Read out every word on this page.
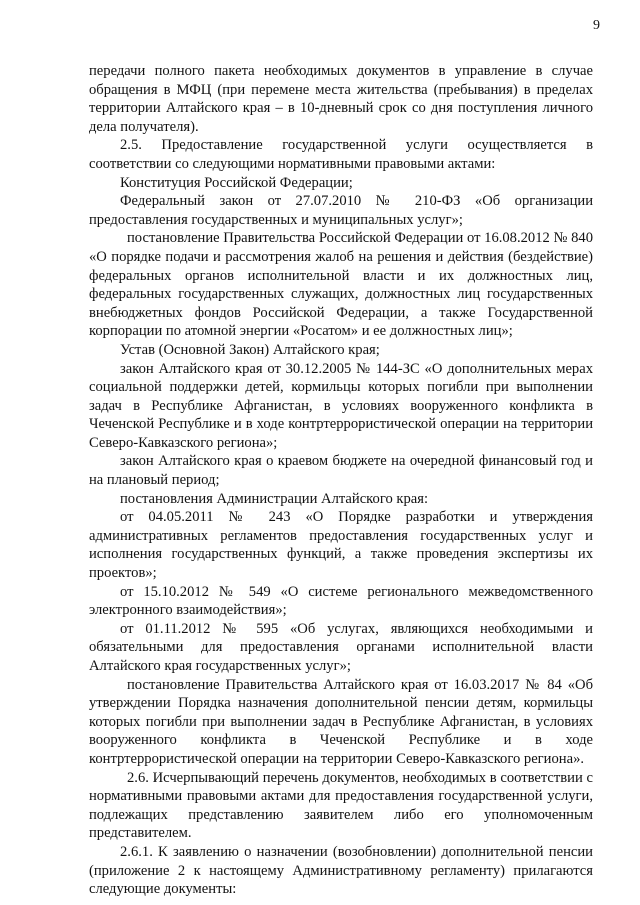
9

передачи полного пакета необходимых документов в управление в случае обращения в МФЦ (при перемене места жительства (пребывания) в пределах территории Алтайского края – в 10-дневный срок со дня поступления личного дела получателя).

2.5. Предоставление государственной услуги осуществляется в соответствии со следующими нормативными правовыми актами:

Конституция Российской Федерации;

Федеральный закон от 27.07.2010 № 210-ФЗ «Об организации предоставления государственных и муниципальных услуг»;

постановление Правительства Российской Федерации от 16.08.2012 № 840 «О порядке подачи и рассмотрения жалоб на решения и действия (бездействие) федеральных органов исполнительной власти и их должностных лиц, федеральных государственных служащих, должностных лиц государственных внебюджетных фондов Российской Федерации, а также Государственной корпорации по атомной энергии «Росатом» и ее должностных лиц»;

Устав (Основной Закон) Алтайского края;

закон Алтайского края от 30.12.2005 № 144-ЗС «О дополнительных мерах социальной поддержки детей, кормильцы которых погибли при выполнении задач в Республике Афганистан, в условиях вооруженного конфликта в Чеченской Республике и в ходе контртеррористической операции на территории Северо-Кавказского региона»;

закон Алтайского края о краевом бюджете на очередной финансовый год и на плановый период;

постановления Администрации Алтайского края:

от 04.05.2011 № 243 «О Порядке разработки и утверждения административных регламентов предоставления государственных услуг и исполнения государственных функций, а также проведения экспертизы их проектов»;

от 15.10.2012 № 549 «О системе регионального межведомственного электронного взаимодействия»;

от 01.11.2012 № 595 «Об услугах, являющихся необходимыми и обязательными для предоставления органами исполнительной власти Алтайского края государственных услуг»;

постановление Правительства Алтайского края от 16.03.2017 № 84 «Об утверждении Порядка назначения дополнительной пенсии детям, кормильцы которых погибли при выполнении задач в Республике Афганистан, в условиях вооруженного конфликта в Чеченской Республике и в ходе контртеррористической операции на территории Северо-Кавказского региона».

2.6. Исчерпывающий перечень документов, необходимых в соответствии с нормативными правовыми актами для предоставления государственной услуги, подлежащих представлению заявителем либо его уполномоченным представителем.

2.6.1. К заявлению о назначении (возобновлении) дополнительной пенсии (приложение 2 к настоящему Административному регламенту) прилагаются следующие документы:
